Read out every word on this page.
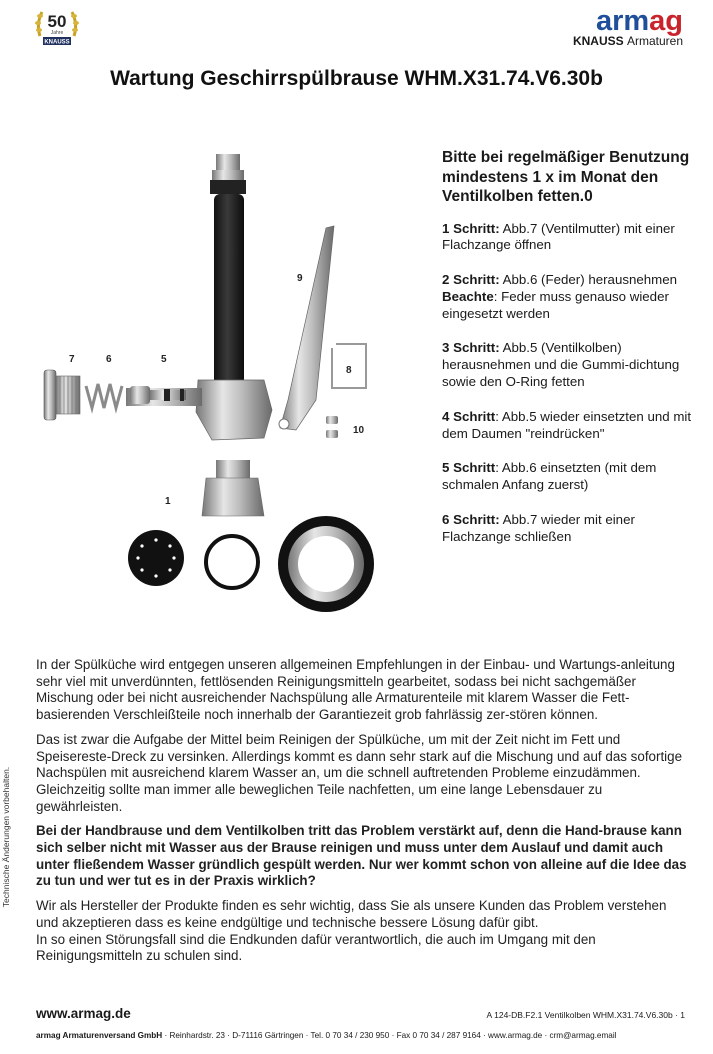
50
Jahre
KNAUSS
armag
KNAUSS Armaturen
Wartung Geschirrspülbrause WHM.X31.74.V6.30b
7	6	5
9
8
10
1
Bitte bei regelmäßiger Benutzung mindestens 1 x im Monat den Ventilkolben fetten.0
1 Schritt: Abb.7 (Ventilmutter) mit einer Flachzange öffnen
2 Schritt: Abb.6 (Feder) herausnehmen
Beachte: Feder muss genauso wieder eingesetzt werden
3 Schritt: Abb.5 (Ventilkolben) herausnehmen und die Gummi-dichtung sowie den O-Ring fetten
4 Schritt: Abb.5 wieder einsetzten und mit dem Daumen "reindrücken"
5 Schritt: Abb.6 einsetzten (mit dem schmalen Anfang zuerst)
6 Schritt: Abb.7 wieder mit einer Flachzange schließen

In der Spülküche wird entgegen unseren allgemeinen Empfehlungen in der Einbau- und Wartungs-anleitung sehr viel mit unverdünnten, fettlösenden Reinigungsmitteln gearbeitet, sodass bei nicht sachgemäßer Mischung oder bei nicht ausreichender Nachspülung alle Armaturenteile mit klarem Wasser die Fett-basierenden Verschleißteile noch innerhalb der Garantiezeit grob fahrlässig zer-stören können.

Das ist zwar die Aufgabe der Mittel beim Reinigen der Spülküche, um mit der Zeit nicht im Fett und Speisereste-Dreck zu versinken. Allerdings kommt es dann sehr stark auf die Mischung und auf das sofortige Nachspülen mit ausreichend klarem Wasser an, um die schnell auftretenden Probleme einzudämmen. Gleichzeitig sollte man immer alle beweglichen Teile nachfetten, um eine lange Lebensdauer zu gewährleisten.

Bei der Handbrause und dem Ventilkolben tritt das Problem verstärkt auf, denn die Hand-brause kann sich selber nicht mit Wasser aus der Brause reinigen und muss unter dem Auslauf und damit auch unter fließendem Wasser gründlich gespült werden. Nur wer kommt schon von alleine auf die Idee das zu tun und wer tut es in der Praxis wirklich?

Wir als Hersteller der Produkte finden es sehr wichtig, dass Sie als unsere Kunden das Problem verstehen und akzeptieren dass es keine endgültige und technische bessere Lösung dafür gibt.

In so einen Störungsfall sind die Endkunden dafür verantwortlich, die auch im Umgang mit den Reinigungsmitteln zu schulen sind.

Technische Änderungen vorbehalten.
www.armag.de	A 124-DB.F2.1 Ventilkolben WHM.X31.74.V6.30b · 1
armag Armaturenversand GmbH · Reinhardstr. 23 · D-71116 Gärtringen · Tel. 0 70 34 / 230 950 · Fax 0 70 34 / 287 9164 · www.armag.de · crm@armag.email
